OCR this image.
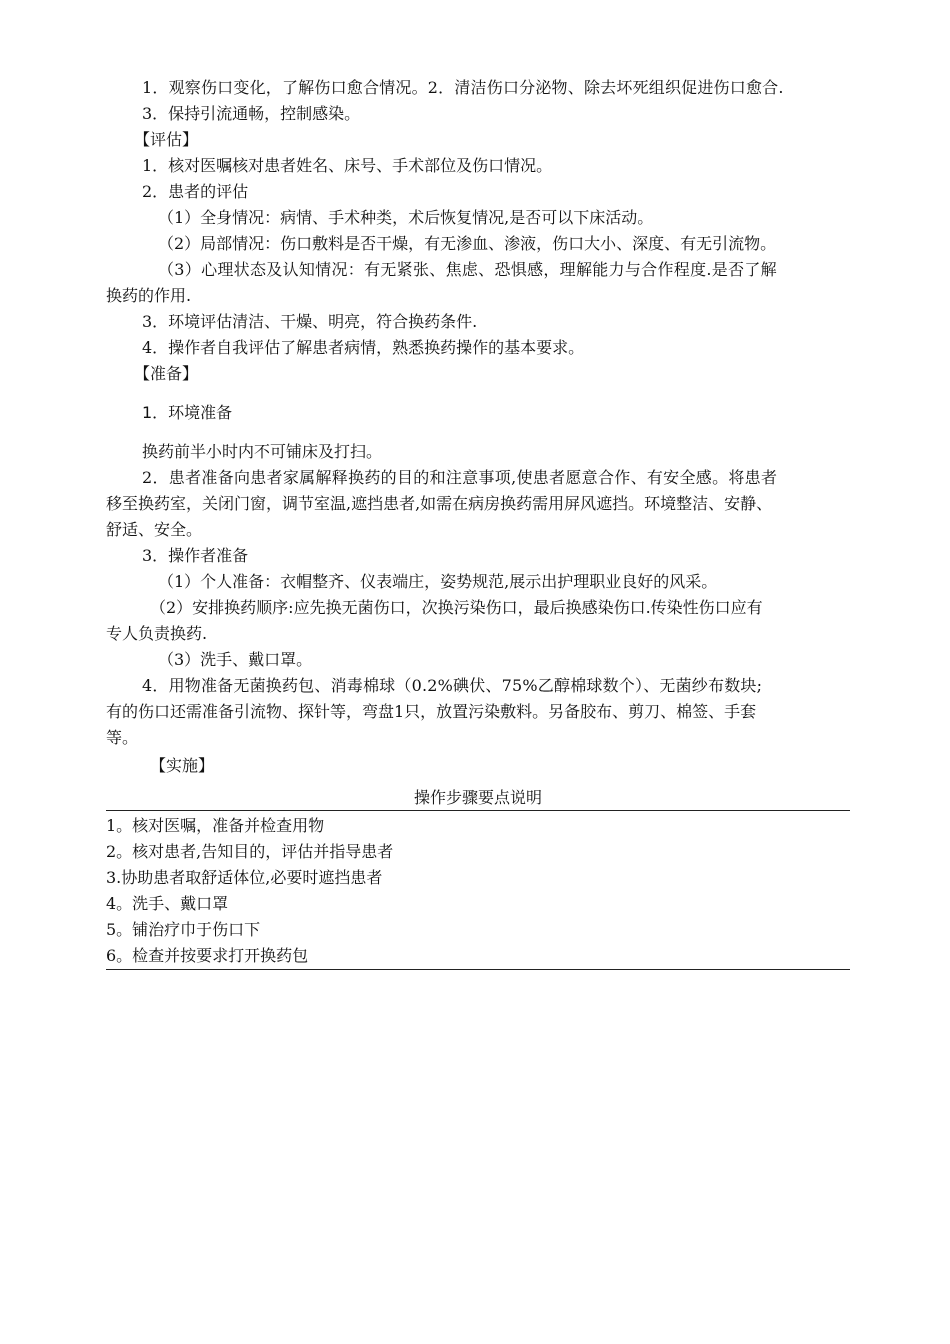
1．观察伤口变化，了解伤口愈合情况。2．清洁伤口分泌物、除去坏死组织促进伤口愈合.
3．保持引流通畅，控制感染。
【评估】
1．核对医嘱核对患者姓名、床号、手术部位及伤口情况。
2．患者的评估
（1）全身情况：病情、手术种类，术后恢复情况,是否可以下床活动。
（2）局部情况：伤口敷料是否干燥，有无渗血、渗液，伤口大小、深度、有无引流物。
（3）心理状态及认知情况：有无紧张、焦虑、恐惧感，理解能力与合作程度.是否了解
换药的作用.
3．环境评估清洁、干燥、明亮，符合换药条件.
4．操作者自我评估了解患者病情，熟悉换药操作的基本要求。
【准备】
1．环境准备
换药前半小时内不可铺床及打扫。
2．患者准备向患者家属解释换药的目的和注意事项,使患者愿意合作、有安全感。将患者
移至换药室，关闭门窗，调节室温,遮挡患者,如需在病房换药需用屏风遮挡。环境整洁、安静、
舒适、安全。
3．操作者准备
（1）个人准备：衣帽整齐、仪表端庄，姿势规范,展示出护理职业良好的风采。
（2）安排换药顺序:应先换无菌伤口，次换污染伤口，最后换感染伤口.传染性伤口应有
专人负责换药.
（3）洗手、戴口罩。
4．用物准备无菌换药包、消毒棉球（0.2%碘伏、75%乙醇棉球数个）、无菌纱布数块;
有的伤口还需准备引流物、探针等，弯盘1只，放置污染敷料。另备胶布、剪刀、棉签、手套
等。
【实施】
操作步骤要点说明
1。核对医嘱，准备并检查用物
2。核对患者,告知目的，评估并指导患者
3.协助患者取舒适体位,必要时遮挡患者
4。洗手、戴口罩
5。铺治疗巾于伤口下
6。检查并按要求打开换药包
